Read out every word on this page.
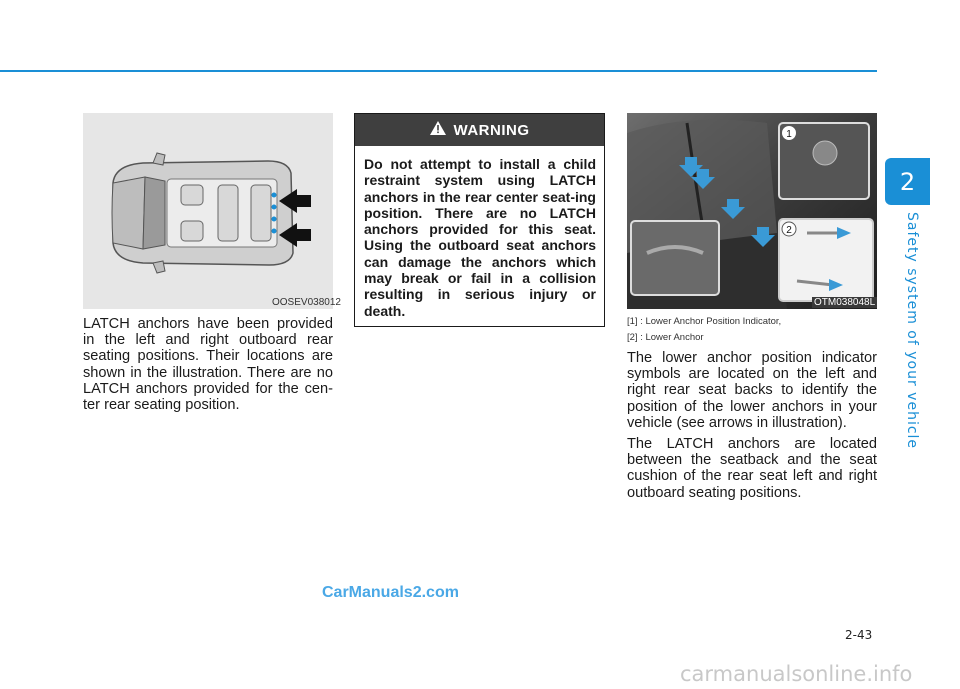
OOSEV038012
LATCH anchors have been provided in the left and right outboard rear seating positions. Their locations are shown in the illustration. There are no LATCH anchors provided for the cen-ter rear seating position.
WARNING
Do not attempt to install a child restraint system using LATCH anchors in the rear center seat-ing position. There are no LATCH anchors provided for this seat. Using the outboard seat anchors can damage the anchors which may break or fail in a collision resulting in serious injury or death.
1
2
OTM038048L
[1] : Lower Anchor Position Indicator,
[2] : Lower Anchor
The lower anchor position indicator symbols are located on the left and right rear seat backs to identify the position of the lower anchors in your vehicle (see arrows in illustration).
The LATCH anchors are located between the seatback and the seat cushion of the rear seat left and right outboard seating positions.
2
Safety system of your vehicle
2-43
CarManuals2.com
carmanualsonline.info
